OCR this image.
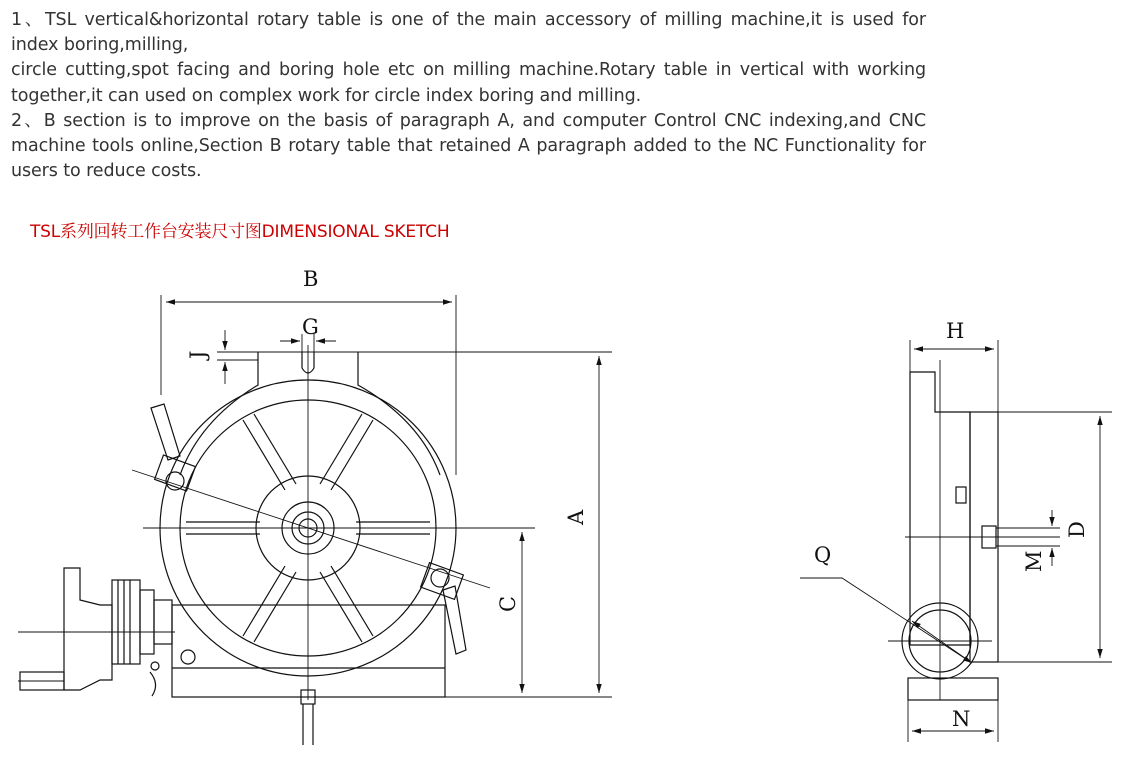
1、TSL vertical&horizontal rotary table is one of the main accessory of milling machine,it is used for index boring,milling,

circle cutting,spot facing and boring hole etc on milling machine.Rotary table in vertical with working together,it can used on complex work for circle index boring and milling.

2、B section is to improve on the basis of paragraph A, and computer Control CNC indexing,and CNC machine tools online,Section B rotary table that retained A paragraph added to the NC Functionality for users to reduce costs.

TSL系列回转工作台安装尺寸图DIMENSIONAL SKETCH
B
G
J
A
C
H
D
M
N
Q
